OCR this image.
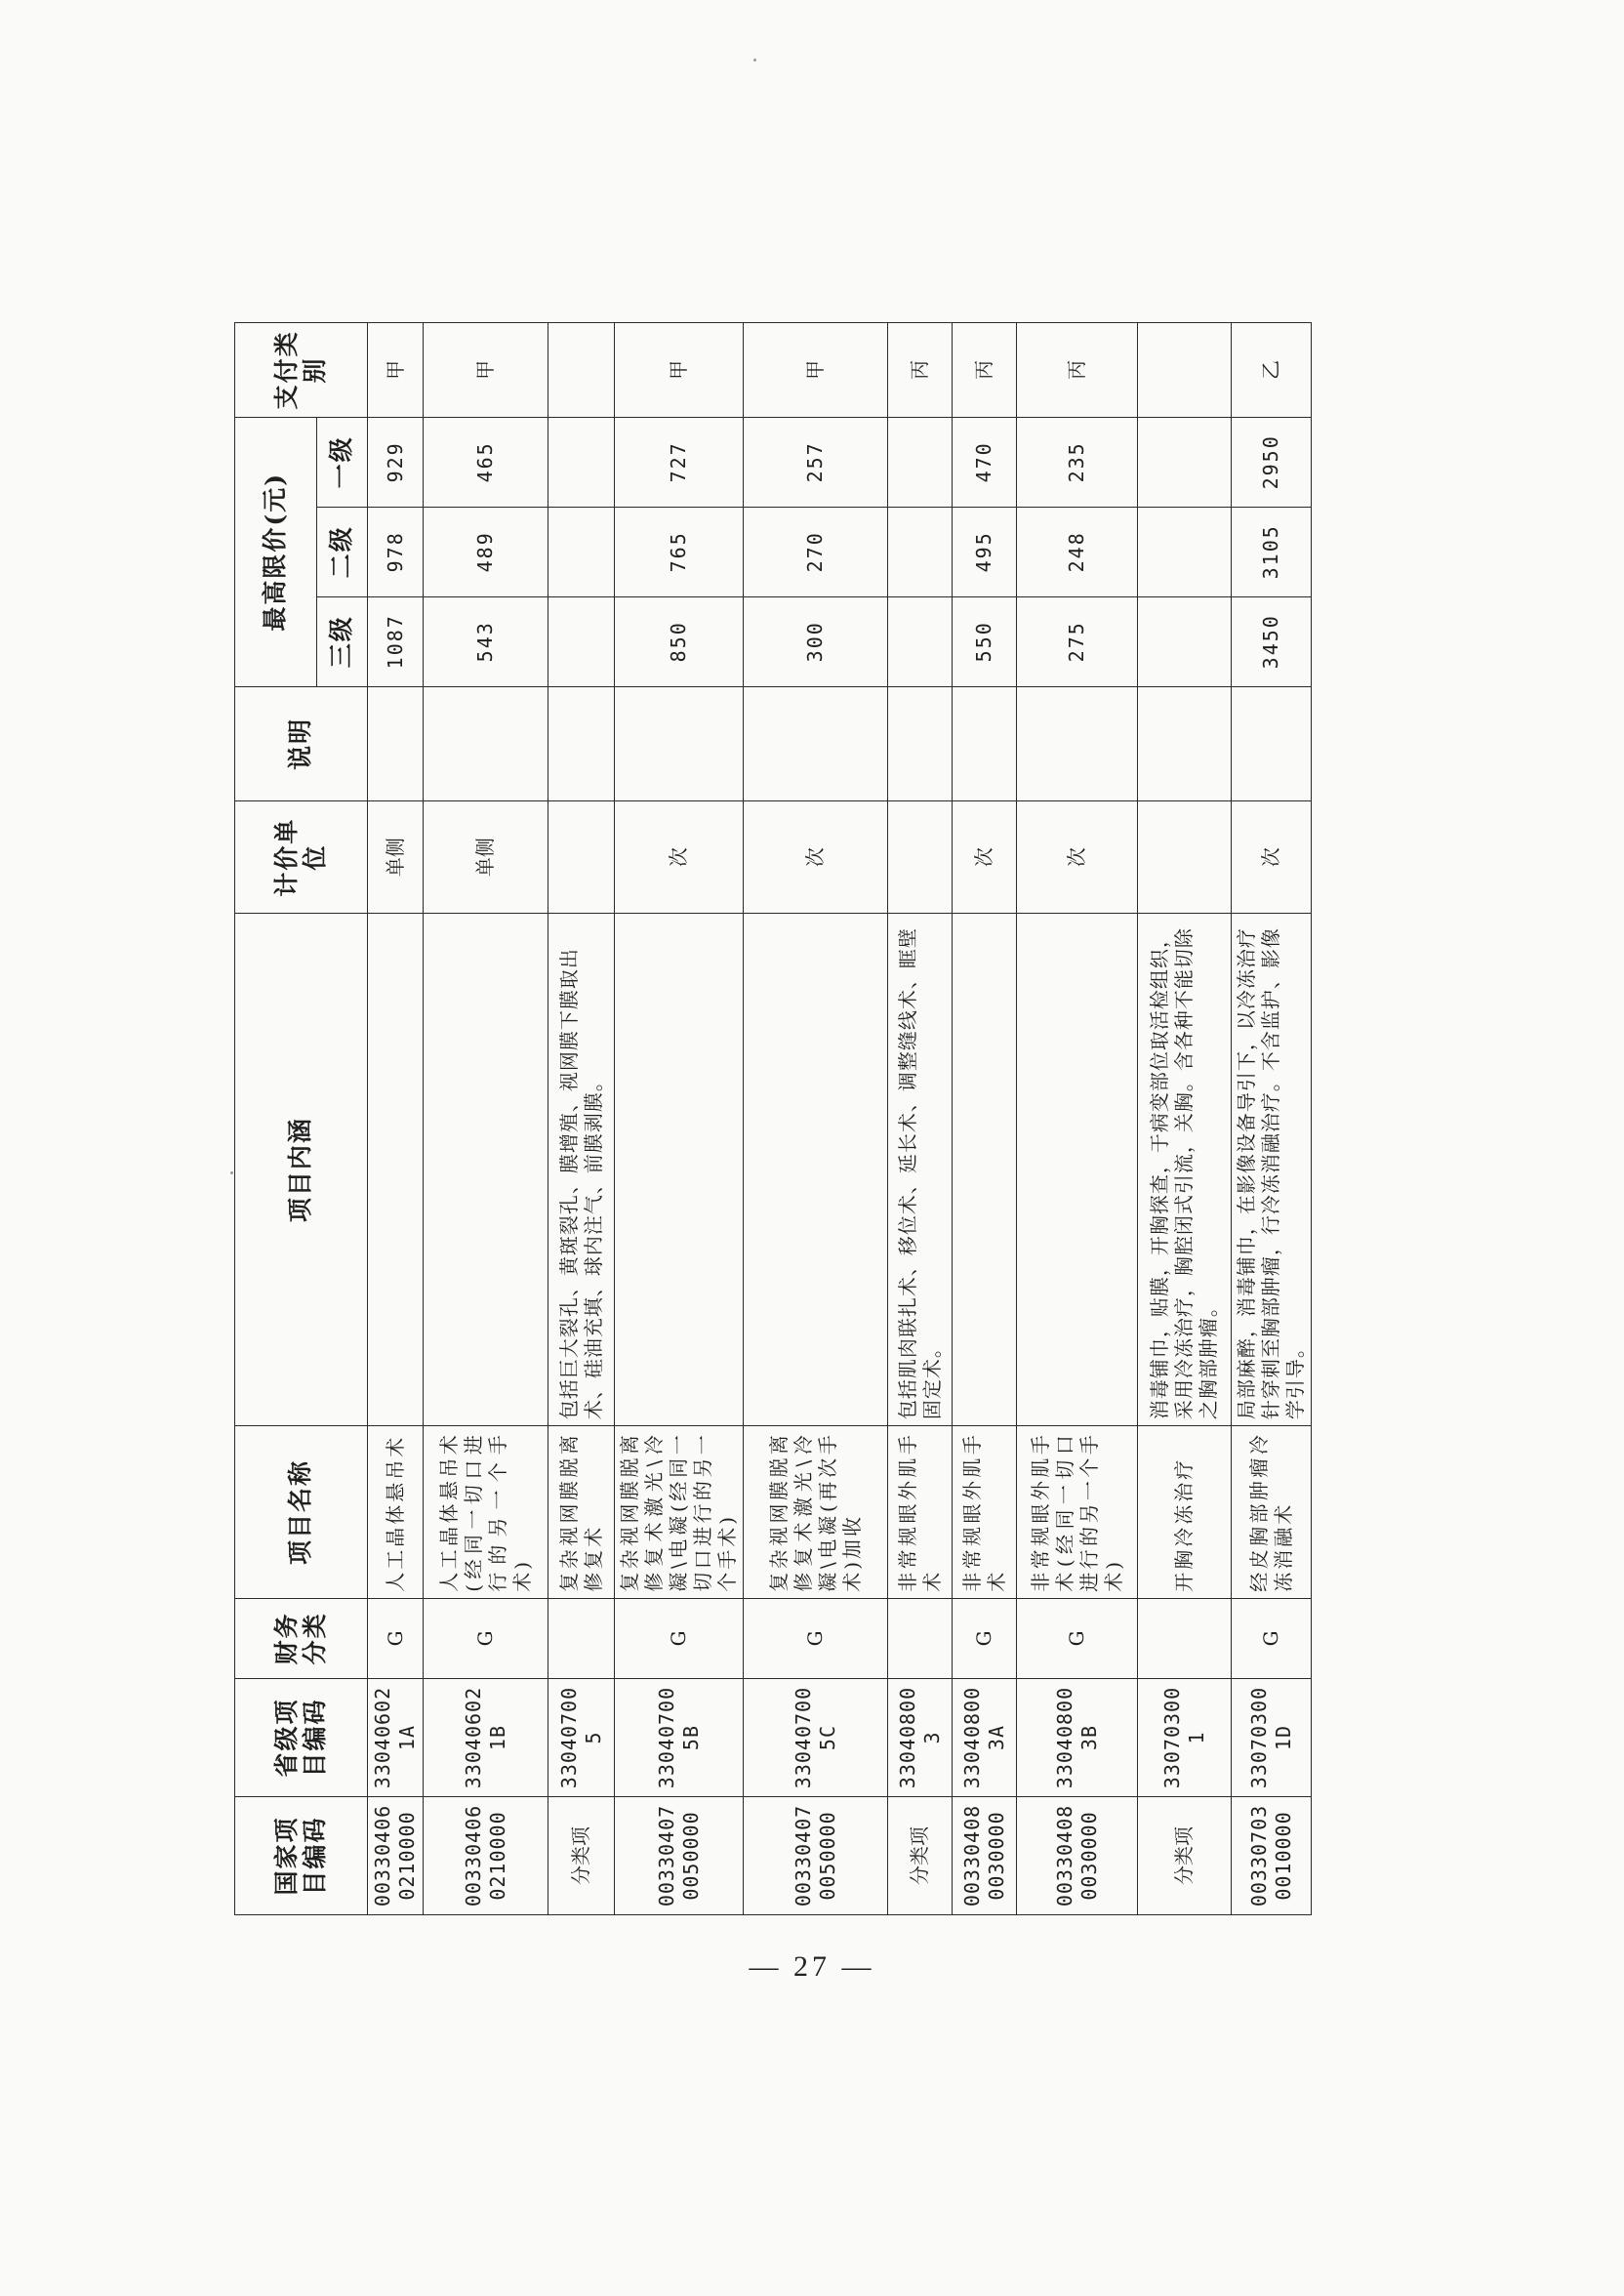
国家项目编码	省级项目编码	财务分类	项目名称	项目内涵	计价单位	说明	最高限价(元)			支付类别
							三级	二级	一级	
003304060210000	330406021A	G	人工晶体悬吊术		单侧		1087	978	929	甲
003304060210000	330406021B	G	人工晶体悬吊术(经同一切口进行的另一个手术)		单侧		543	489	465	甲
分类项	330407005		复杂视网膜脱离修复术	包括巨大裂孔、黄斑裂孔、膜增殖、视网膜下膜取出术、硅油充填、球内注气、前膜剥膜。						
003304070050000	330407005B	G	复杂视网膜脱离修复术激光\冷凝\电凝(经同一切口进行的另一个手术)		次		850	765	727	甲
003304070050000	330407005C	G	复杂视网膜脱离修复术激光\冷凝\电凝(再次手术)加收		次		300	270	257	甲
分类项	330408003		非常规眼外肌手术	包括肌肉联扎术、移位术、延长术、调整缝线术、眶壁固定术。						丙
003304080030000	330408003A	G	非常规眼外肌手术		次		550	495	470	丙
003304080030000	330408003B	G	非常规眼外肌手术(经同一切口进行的另一个手术)		次		275	248	235	丙
分类项	330703001		开胸冷冻治疗	消毒铺巾，贴膜，开胸探查，于病变部位取活检组织，采用冷冻治疗，胸腔闭式引流，关胸。含各种不能切除之胸部肿瘤。						
003307030010000	330703001D	G	经皮胸部肿瘤冷冻消融术	局部麻醉，消毒铺巾，在影像设备导引下，以冷冻治疗针穿刺至胸部肿瘤，行冷冻消融治疗。不含监护、影像学引导。	次		3450	3105	2950	乙
— 27 —
